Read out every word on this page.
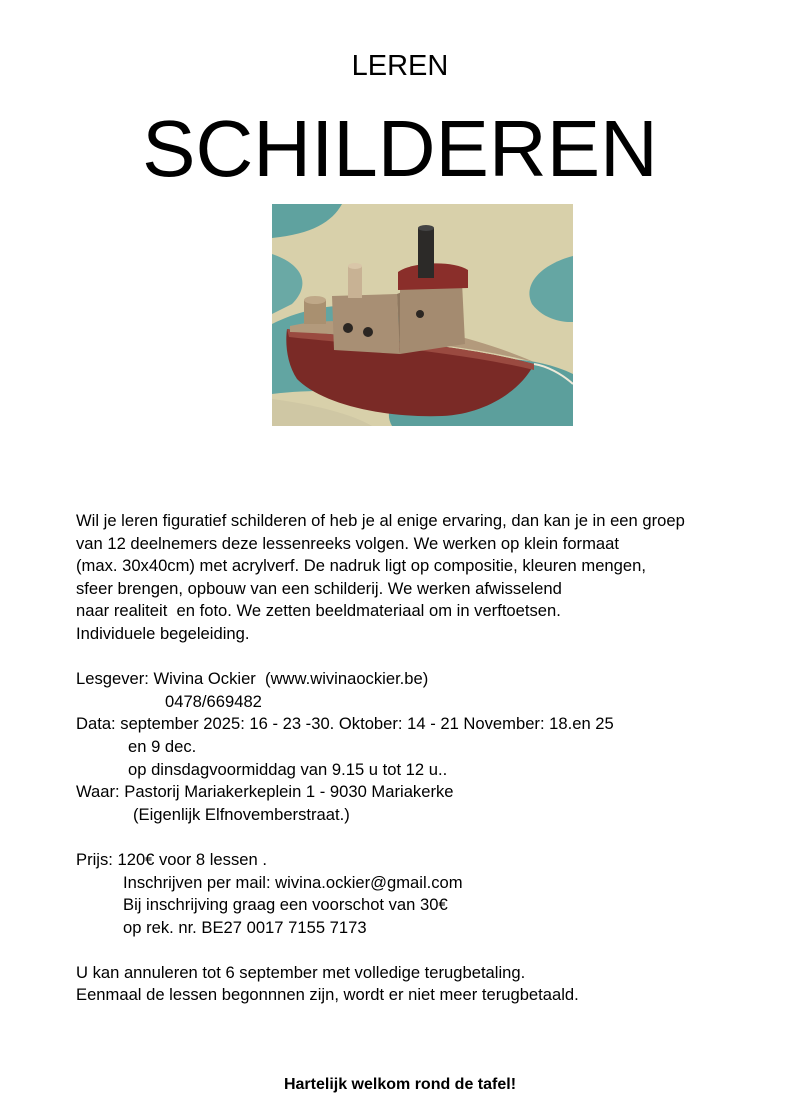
LEREN
SCHILDEREN
Wil je leren figuratief schilderen of heb je al enige ervaring, dan kan je in een groep
van 12 deelnemers deze lessenreeks volgen. We werken op klein formaat
(max. 30x40cm) met acrylverf. De nadruk ligt op compositie, kleuren mengen,
sfeer brengen, opbouw van een schilderij. We werken afwisselend
naar realiteit  en foto. We zetten beeldmateriaal om in verftoetsen.
Individuele begeleiding.
Lesgever: Wivina Ockier  (www.wivinaockier.be)
0478/669482
Data: september 2025: 16 - 23 -30. Oktober: 14 - 21 November: 18.en 25
en 9 dec.
op dinsdagvoormiddag van 9.15 u tot 12 u..
Waar: Pastorij Mariakerkeplein 1 - 9030 Mariakerke
(Eigenlijk Elfnovemberstraat.)
Prijs: 120€ voor 8 lessen .
Inschrijven per mail: wivina.ockier@gmail.com
Bij inschrijving graag een voorschot van 30€
op rek. nr. BE27 0017 7155 7173
U kan annuleren tot 6 september met volledige terugbetaling.
Eenmaal de lessen begonnnen zijn, wordt er niet meer terugbetaald.
Hartelijk welkom rond de tafel!
